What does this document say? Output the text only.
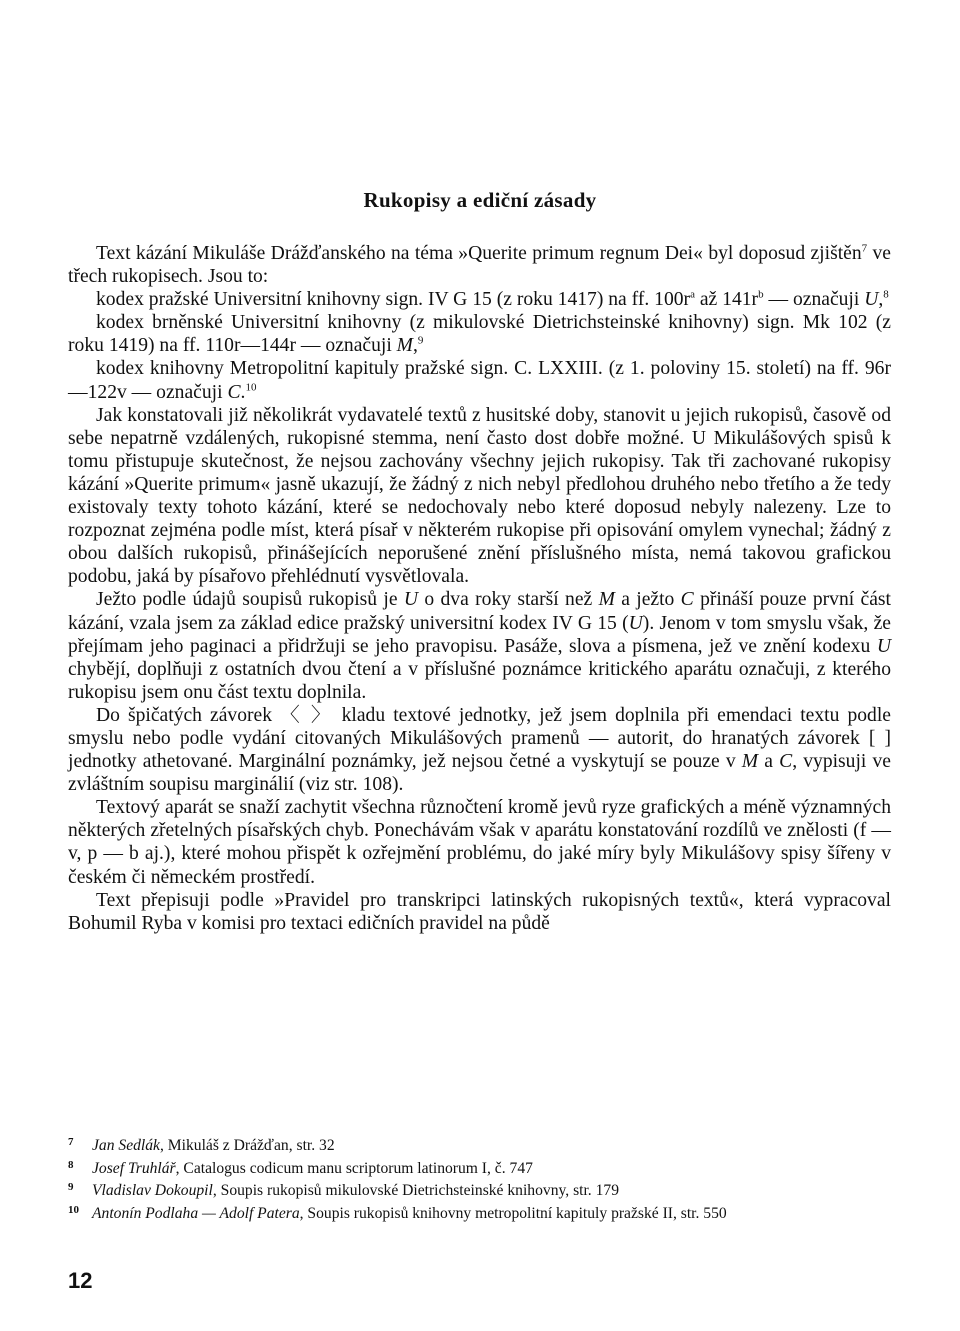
Rukopisy a ediční zásady

Text kázání Mikuláše Drážďanského na téma »Querite primum regnum Dei« byl doposud zjištěn$^7$ ve třech rukopisech. Jsou to:

kodex pražské Universitní knihovny sign. IV G 15 (z roku 1417) na ff. $100r^a$ až $141r^b$ — označuji U,$^8$

kodex brněnské Universitní knihovny (z mikulovské Dietrichsteinské knihovny) sign. Mk 102 (z roku 1419) na ff. 110r—144r — označuji M,$^9$

kodex knihovny Metropolitní kapituly pražské sign. C. LXXIII. (z 1. poloviny 15. století) na ff. 96r—122v — označuji C.$^{10}$

Jak konstatovali již několikrát vydavatelé textů z husitské doby, stanovit u jejich rukopisů, časově od sebe nepatrně vzdálených, rukopisné stemma, není často dost dobře možné. U Mikulášových spisů k tomu přistupuje skutečnost, že nejsou zachovány všechny jejich rukopisy. Tak tři zachované rukopisy kázání »Querite primum« jasně ukazují, že žádný z nich nebyl předlohou druhého nebo třetího a že tedy existovaly texty tohoto kázání, které se nedochovaly nebo které doposud nebyly nalezeny. Lze to rozpoznat zejména podle míst, která písař v některém rukopise při opisování omylem vynechal; žádný z obou dalších rukopisů, přinášejících neporušené znění příslušného místa, nemá takovou grafickou podobu, jaká by písařovo přehlédnutí vysvětlovala.

Ježto podle údajů soupisů rukopisů je U o dva roky starší než M a ježto C přináší pouze první část kázání, vzala jsem za základ edice pražský universitní kodex IV G 15 (U). Jenom v tom smyslu však, že přejímam jeho paginaci a přidržuji se jeho pravopisu. Pasáže, slova a písmena, jež ve znění kodexu U chybějí, doplňuji z ostatních dvou čtení a v příslušné poznámce kritického aparátu označuji, z kterého rukopisu jsem onu část textu doplnila.

Do špičatých závorek 〈 〉 kladu textové jednotky, jež jsem doplnila při emendaci textu podle smyslu nebo podle vydání citovaných Mikulášových pramenů — autorit, do hranatých závorek [ ] jednotky athetované. Marginální poznámky, jež nejsou četné a vyskytují se pouze v M a C, vypisuji ve zvláštním soupisu marginálií (viz str. 108).

Textový aparát se snaží zachytit všechna různočtení kromě jevů ryze grafických a méně významných některých zřetelných písařských chyb. Ponechávám však v aparátu konstatování rozdílů ve znělosti (f — v, p — b aj.), které mohou přispět k ozřejmění problému, do jaké míry byly Mikulášovy spisy šířeny v českém či německém prostředí.

Text přepisuji podle »Pravidel pro transkripci latinských rukopisných textů«, která vypracoval Bohumil Ryba v komisi pro textaci edičních pravidel na půdě

7	Jan Sedlák, Mikuláš z Drážďan, str. 32
8	Josef Truhlář, Catalogus codicum manu scriptorum latinorum I, č. 747
9	Vladislav Dokoupil, Soupis rukopisů mikulovské Dietrichsteinské knihovny, str. 179
10 Antonín Podlaha — Adolf Patera, Soupis rukopisů knihovny metropolitní kapituly pražské II, str. 550
12
